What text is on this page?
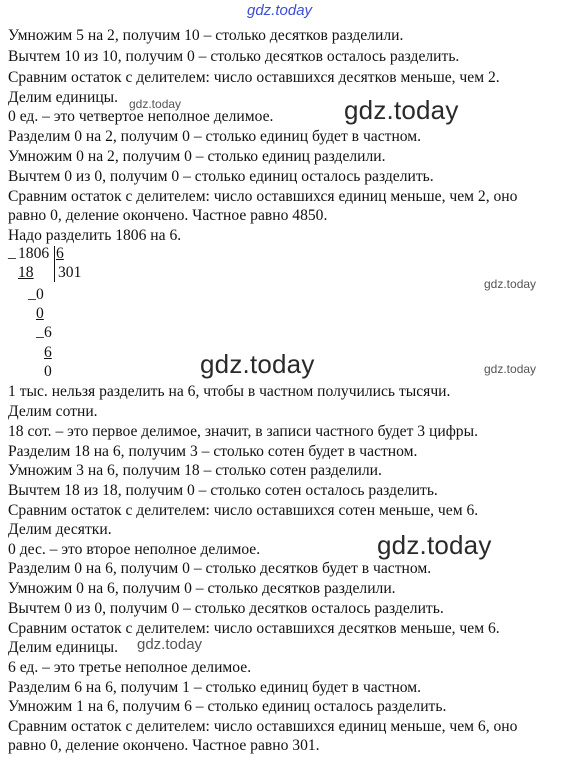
gdz.today
Умножим 5 на 2, получим 10 – столько десятков разделили.
Вычтем 10 из 10, получим 0 – столько десятков осталось разделить.
Сравним остаток с делителем: число оставшихся десятков меньше, чем 2.
Делим единицы. gdz.today
0 ед. – это четвертое неполное делимое.	gdz.today
Разделим 0 на 2, получим 0 – столько единиц будет в частном.
Умножим 0 на 2, получим 0 – столько единиц разделили.
Вычтем 0 из 0, получим 0 – столько единиц осталось разделить.
Сравним остаток с делителем: число оставшихся единиц меньше, чем 2, оно
равно 0, деление окончено. Частное равно 4850.
Надо разделить 1806 на 6.
_ 1806 6
18 301
_ 0
0
_ 6
6
0
gdz.today
gdz.today	gdz.today
1 тыс. нельзя разделить на 6, чтобы в частном получились тысячи.
Делим сотни.
18 сот. – это первое делимое, значит, в записи частного будет 3 цифры.
Разделим 18 на 6, получим 3 – столько сотен будет в частном.
Умножим 3 на 6, получим 18 – столько сотен разделили.
Вычтем 18 из 18, получим 0 – столько сотен осталось разделить.
Сравним остаток с делителем: число оставшихся сотен меньше, чем 6.
Делим десятки.
0 дес. – это второе неполное делимое.	gdz.today
Разделим 0 на 6, получим 0 – столько десятков будет в частном.
Умножим 0 на 6, получим 0 – столько десятков разделили.
Вычтем 0 из 0, получим 0 – столько десятков осталось разделить.
Сравним остаток с делителем: число оставшихся десятков меньше, чем 6.
Делим единицы. gdz.today
6 ед. – это третье неполное делимое.
Разделим 6 на 6, получим 1 – столько единиц будет в частном.
Умножим 1 на 6, получим 6 – столько единиц осталось разделить.
Сравним остаток с делителем: число оставшихся единиц меньше, чем 6, оно
равно 0, деление окончено. Частное равно 301.
